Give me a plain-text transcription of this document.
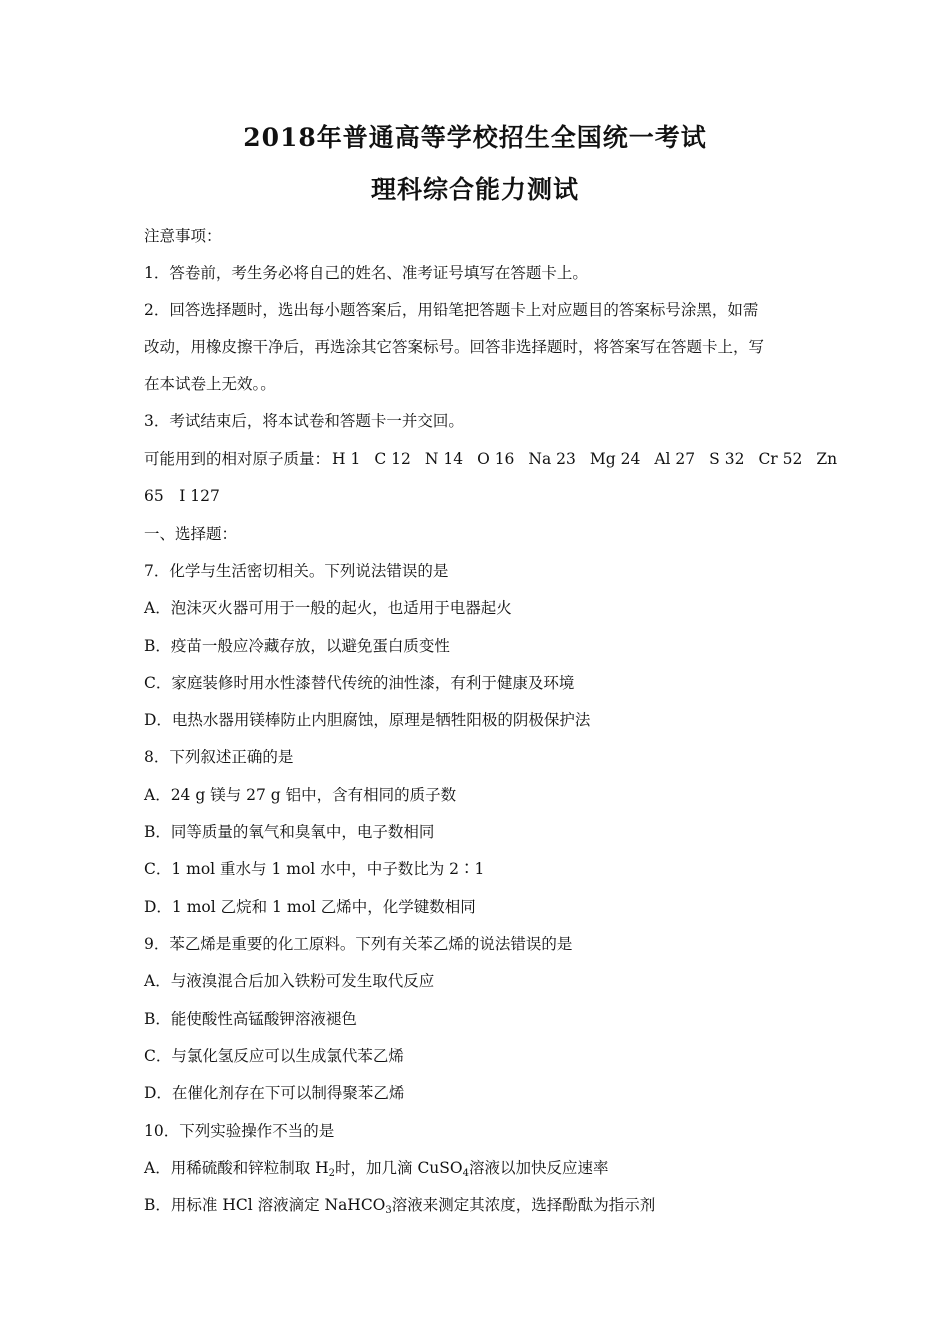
2018年普通高等学校招生全国统一考试
理科综合能力测试
注意事项：
1．答卷前，考生务必将自己的姓名、准考证号填写在答题卡上。
2．回答选择题时，选出每小题答案后，用铅笔把答题卡上对应题目的答案标号涂黑，如需
改动，用橡皮擦干净后，再选涂其它答案标号。回答非选择题时，将答案写在答题卡上，写
在本试卷上无效。。
3．考试结束后，将本试卷和答题卡一并交回。
可能用到的相对原子质量： H 1 C 12 N 14 O 16 Na 23 Mg 24 Al 27 S 32 Cr 52 Zn
65　I 127
一、选择题：
7．化学与生活密切相关。下列说法错误的是
A．泡沫灭火器可用于一般的起火，也适用于电器起火
B．疫苗一般应冷藏存放，以避免蛋白质变性
C．家庭装修时用水性漆替代传统的油性漆，有利于健康及环境
D．电热水器用镁棒防止内胆腐蚀，原理是牺牲阳极的阴极保护法
8．下列叙述正确的是
A．24 g 镁与 27 g 铝中，含有相同的质子数
B．同等质量的氧气和臭氧中，电子数相同
C．1 mol 重水与 1 mol 水中，中子数比为 2∶1
D．1 mol 乙烷和 1 mol 乙烯中，化学键数相同
9．苯乙烯是重要的化工原料。下列有关苯乙烯的说法错误的是
A．与液溴混合后加入铁粉可发生取代反应
B．能使酸性高锰酸钾溶液褪色
C．与氯化氢反应可以生成氯代苯乙烯
D．在催化剂存在下可以制得聚苯乙烯
10．下列实验操作不当的是
A．用稀硫酸和锌粒制取 $H_2$时，加几滴 CuSO$_4$溶液以加快反应速率
B．用标准 HCl 溶液滴定 NaHCO$_3$溶液来测定其浓度，选择酚酞为指示剂
